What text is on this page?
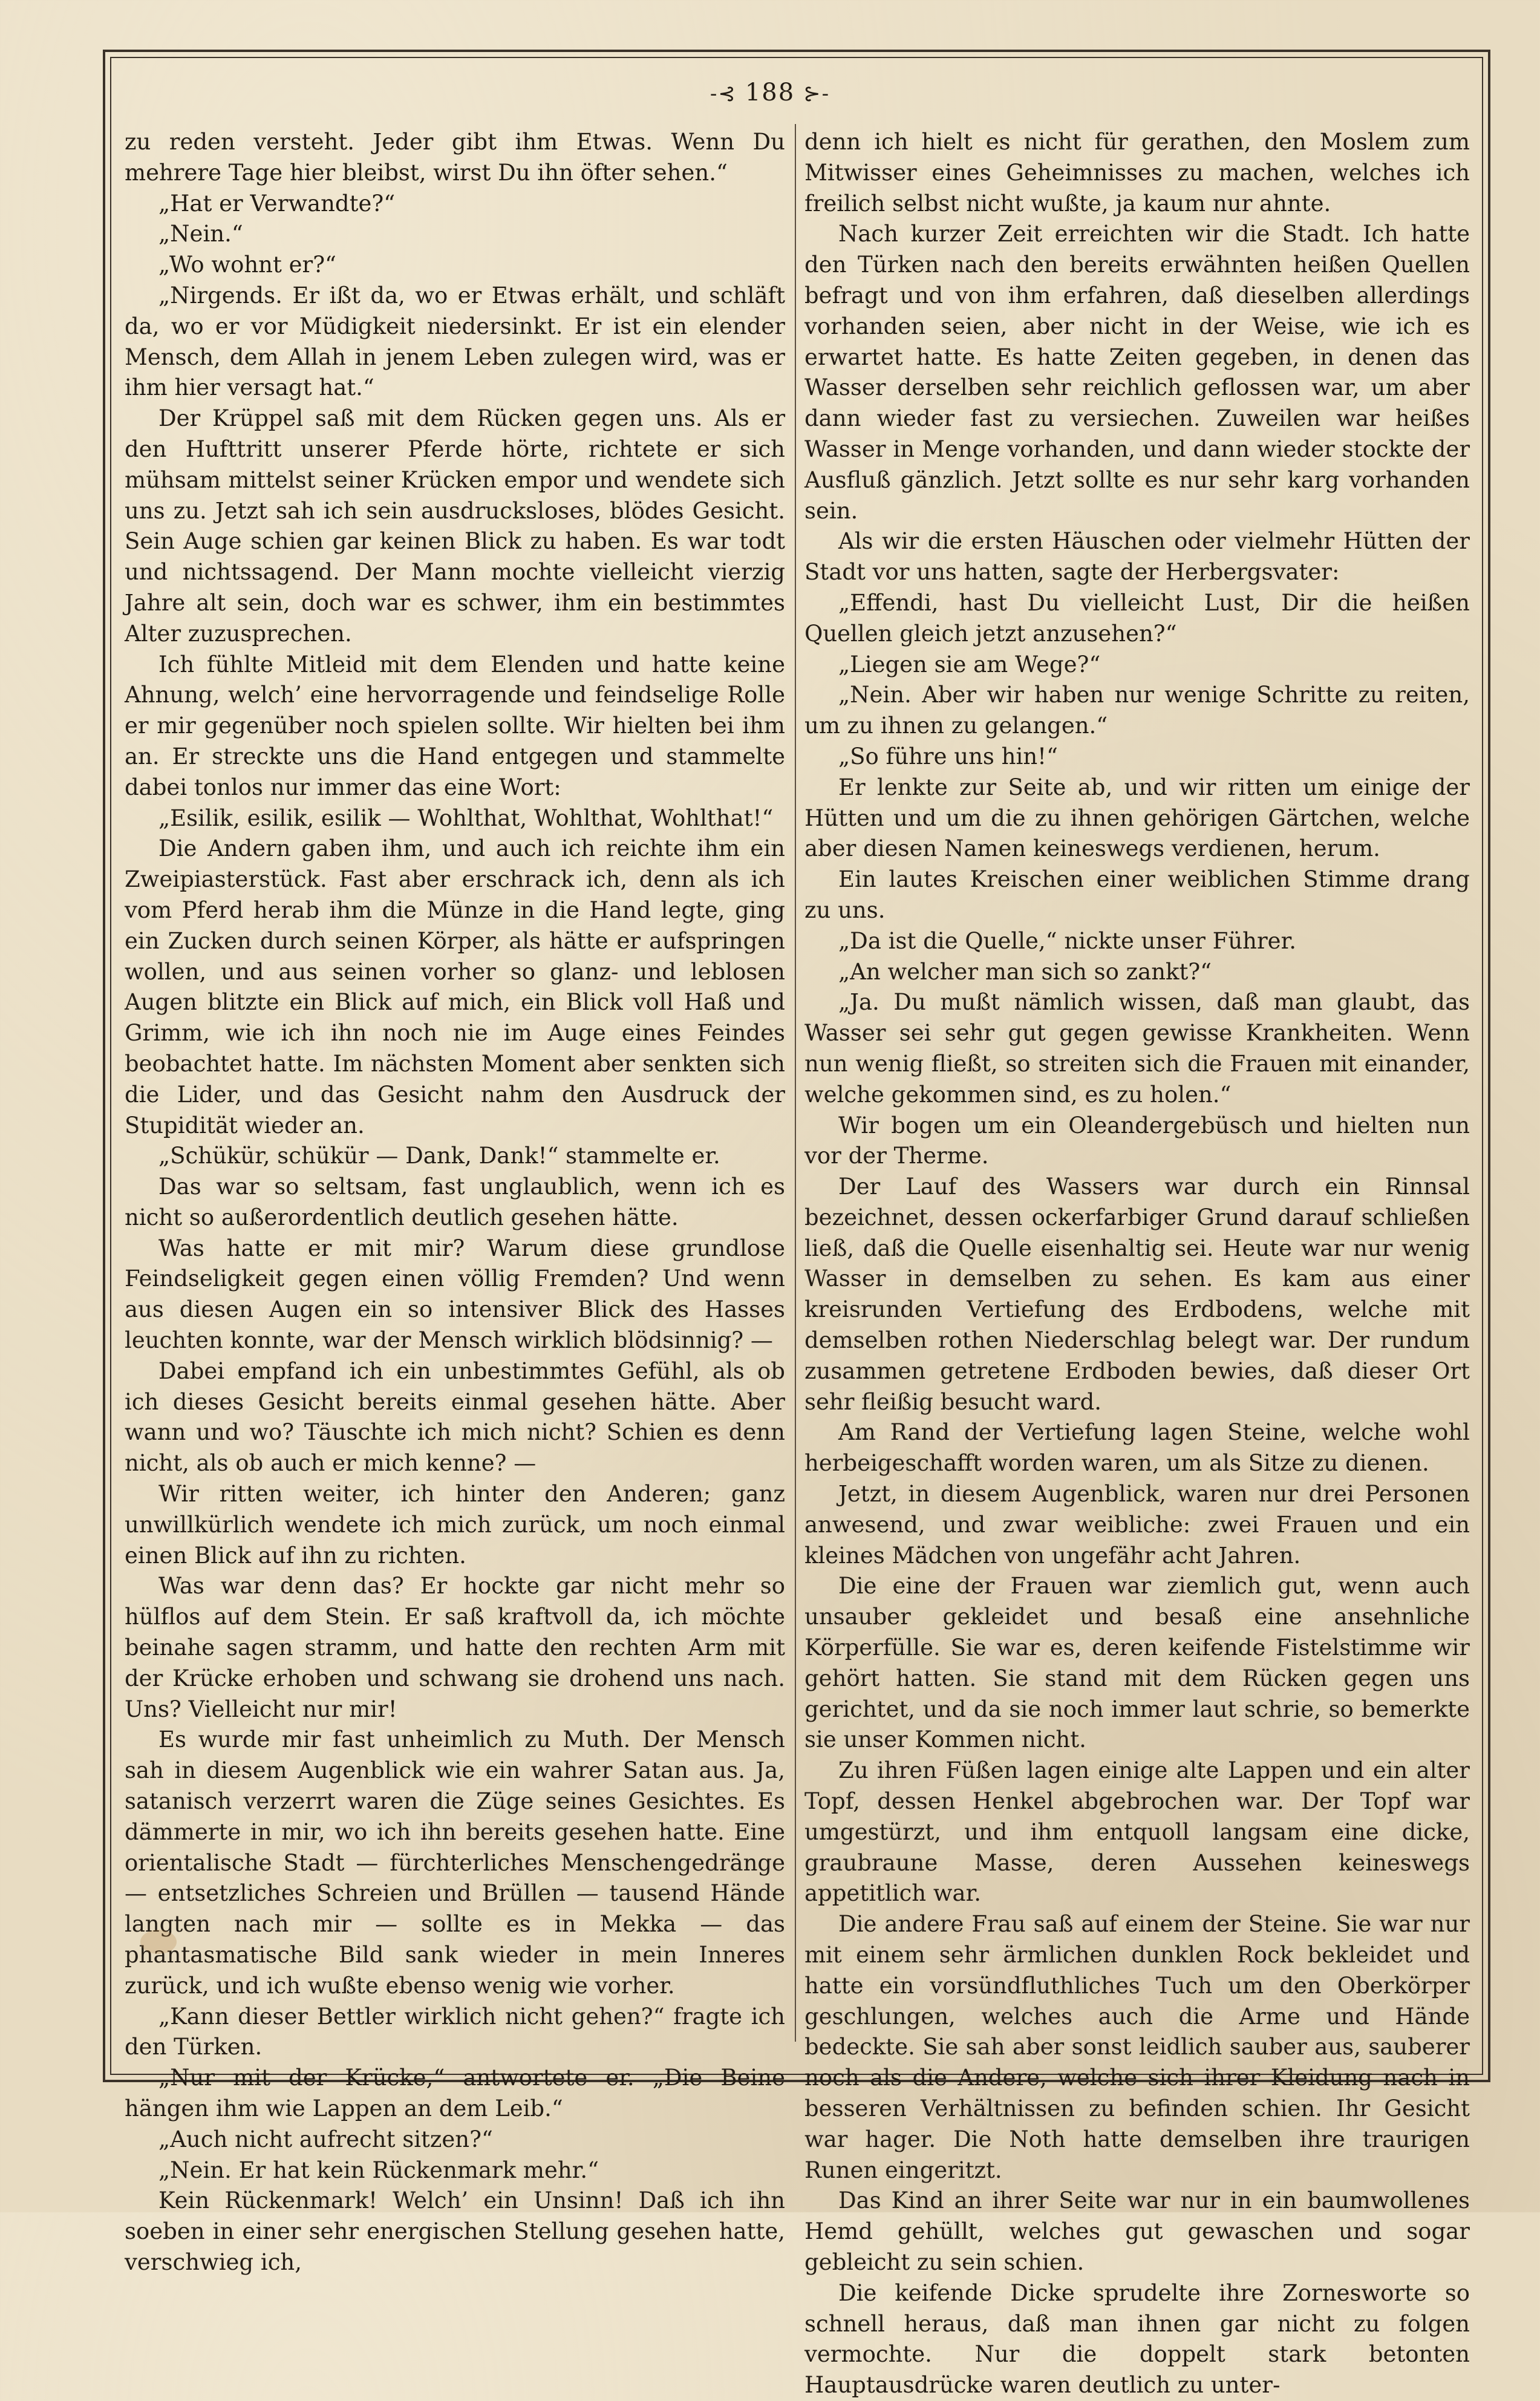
-⊰ 188 ⊱-

zu reden versteht. Jeder gibt ihm Etwas. Wenn Du mehrere Tage hier bleibst, wirst Du ihn öfter sehen.“

„Hat er Verwandte?“

„Nein.“

„Wo wohnt er?“

„Nirgends. Er ißt da, wo er Etwas erhält, und schläft da, wo er vor Müdigkeit niedersinkt. Er ist ein elender Mensch, dem Allah in jenem Leben zulegen wird, was er ihm hier versagt hat.“

Der Krüppel saß mit dem Rücken gegen uns. Als er den Hufttritt unserer Pferde hörte, richtete er sich mühsam mittelst seiner Krücken empor und wendete sich uns zu. Jetzt sah ich sein ausdrucksloses, blödes Gesicht. Sein Auge schien gar keinen Blick zu haben. Es war todt und nichtssagend. Der Mann mochte vielleicht vierzig Jahre alt sein, doch war es schwer, ihm ein bestimmtes Alter zuzusprechen.

Ich fühlte Mitleid mit dem Elenden und hatte keine Ahnung, welch’ eine hervorragende und feindselige Rolle er mir gegenüber noch spielen sollte. Wir hielten bei ihm an. Er streckte uns die Hand entgegen und stammelte dabei tonlos nur immer das eine Wort:

„Esilik, esilik, esilik — Wohlthat, Wohlthat, Wohlthat!“

Die Andern gaben ihm, und auch ich reichte ihm ein Zweipiasterstück. Fast aber erschrack ich, denn als ich vom Pferd herab ihm die Münze in die Hand legte, ging ein Zucken durch seinen Körper, als hätte er aufspringen wollen, und aus seinen vorher so glanz- und leblosen Augen blitzte ein Blick auf mich, ein Blick voll Haß und Grimm, wie ich ihn noch nie im Auge eines Feindes beobachtet hatte. Im nächsten Moment aber senkten sich die Lider, und das Gesicht nahm den Ausdruck der Stupidität wieder an.

„Schükür, schükür — Dank, Dank!“ stammelte er.

Das war so seltsam, fast unglaublich, wenn ich es nicht so außerordentlich deutlich gesehen hätte.

Was hatte er mit mir? Warum diese grundlose Feindseligkeit gegen einen völlig Fremden? Und wenn aus diesen Augen ein so intensiver Blick des Hasses leuchten konnte, war der Mensch wirklich blödsinnig? —

Dabei empfand ich ein unbestimmtes Gefühl, als ob ich dieses Gesicht bereits einmal gesehen hätte. Aber wann und wo? Täuschte ich mich nicht? Schien es denn nicht, als ob auch er mich kenne? —

Wir ritten weiter, ich hinter den Anderen; ganz unwillkürlich wendete ich mich zurück, um noch einmal einen Blick auf ihn zu richten.

Was war denn das? Er hockte gar nicht mehr so hülflos auf dem Stein. Er saß kraftvoll da, ich möchte beinahe sagen stramm, und hatte den rechten Arm mit der Krücke erhoben und schwang sie drohend uns nach. Uns? Vielleicht nur mir!

Es wurde mir fast unheimlich zu Muth. Der Mensch sah in diesem Augenblick wie ein wahrer Satan aus. Ja, satanisch verzerrt waren die Züge seines Gesichtes. Es dämmerte in mir, wo ich ihn bereits gesehen hatte. Eine orientalische Stadt — fürchterliches Menschengedränge — entsetzliches Schreien und Brüllen — tausend Hände langten nach mir — sollte es in Mekka — das phantasmatische Bild sank wieder in mein Inneres zurück, und ich wußte ebenso wenig wie vorher.

„Kann dieser Bettler wirklich nicht gehen?“ fragte ich den Türken.

„Nur mit der Krücke,“ antwortete er. „Die Beine hängen ihm wie Lappen an dem Leib.“

„Auch nicht aufrecht sitzen?“

„Nein. Er hat kein Rückenmark mehr.“

Kein Rückenmark! Welch’ ein Unsinn! Daß ich ihn soeben in einer sehr energischen Stellung gesehen hatte, verschwieg ich,

denn ich hielt es nicht für gerathen, den Moslem zum Mitwisser eines Geheimnisses zu machen, welches ich freilich selbst nicht wußte, ja kaum nur ahnte.

Nach kurzer Zeit erreichten wir die Stadt. Ich hatte den Türken nach den bereits erwähnten heißen Quellen befragt und von ihm erfahren, daß dieselben allerdings vorhanden seien, aber nicht in der Weise, wie ich es erwartet hatte. Es hatte Zeiten gegeben, in denen das Wasser derselben sehr reichlich geflossen war, um aber dann wieder fast zu versiechen. Zuweilen war heißes Wasser in Menge vorhanden, und dann wieder stockte der Ausfluß gänzlich. Jetzt sollte es nur sehr karg vorhanden sein.

Als wir die ersten Häuschen oder vielmehr Hütten der Stadt vor uns hatten, sagte der Herbergsvater:

„Effendi, hast Du vielleicht Lust, Dir die heißen Quellen gleich jetzt anzusehen?“

„Liegen sie am Wege?“

„Nein. Aber wir haben nur wenige Schritte zu reiten, um zu ihnen zu gelangen.“

„So führe uns hin!“

Er lenkte zur Seite ab, und wir ritten um einige der Hütten und um die zu ihnen gehörigen Gärtchen, welche aber diesen Namen keineswegs verdienen, herum.

Ein lautes Kreischen einer weiblichen Stimme drang zu uns.

„Da ist die Quelle,“ nickte unser Führer.

„An welcher man sich so zankt?“

„Ja. Du mußt nämlich wissen, daß man glaubt, das Wasser sei sehr gut gegen gewisse Krankheiten. Wenn nun wenig fließt, so streiten sich die Frauen mit einander, welche gekommen sind, es zu holen.“

Wir bogen um ein Oleandergebüsch und hielten nun vor der Therme.

Der Lauf des Wassers war durch ein Rinnsal bezeichnet, dessen ockerfarbiger Grund darauf schließen ließ, daß die Quelle eisenhaltig sei. Heute war nur wenig Wasser in demselben zu sehen. Es kam aus einer kreisrunden Vertiefung des Erdbodens, welche mit demselben rothen Niederschlag belegt war. Der rundum zusammen getretene Erdboden bewies, daß dieser Ort sehr fleißig besucht ward.

Am Rand der Vertiefung lagen Steine, welche wohl herbeigeschafft worden waren, um als Sitze zu dienen.

Jetzt, in diesem Augenblick, waren nur drei Personen anwesend, und zwar weibliche: zwei Frauen und ein kleines Mädchen von ungefähr acht Jahren.

Die eine der Frauen war ziemlich gut, wenn auch unsauber gekleidet und besaß eine ansehnliche Körperfülle. Sie war es, deren keifende Fistelstimme wir gehört hatten. Sie stand mit dem Rücken gegen uns gerichtet, und da sie noch immer laut schrie, so bemerkte sie unser Kommen nicht.

Zu ihren Füßen lagen einige alte Lappen und ein alter Topf, dessen Henkel abgebrochen war. Der Topf war umgestürzt, und ihm entquoll langsam eine dicke, graubraune Masse, deren Aussehen keineswegs appetitlich war.

Die andere Frau saß auf einem der Steine. Sie war nur mit einem sehr ärmlichen dunklen Rock bekleidet und hatte ein vorsündfluthliches Tuch um den Oberkörper geschlungen, welches auch die Arme und Hände bedeckte. Sie sah aber sonst leidlich sauber aus, sauberer noch als die Andere, welche sich ihrer Kleidung nach in besseren Verhältnissen zu befinden schien. Ihr Gesicht war hager. Die Noth hatte demselben ihre traurigen Runen eingeritzt.

Das Kind an ihrer Seite war nur in ein baumwollenes Hemd gehüllt, welches gut gewaschen und sogar gebleicht zu sein schien.

Die keifende Dicke sprudelte ihre Zornesworte so schnell heraus, daß man ihnen gar nicht zu folgen vermochte. Nur die doppelt stark betonten Hauptausdrücke waren deutlich zu unter-
